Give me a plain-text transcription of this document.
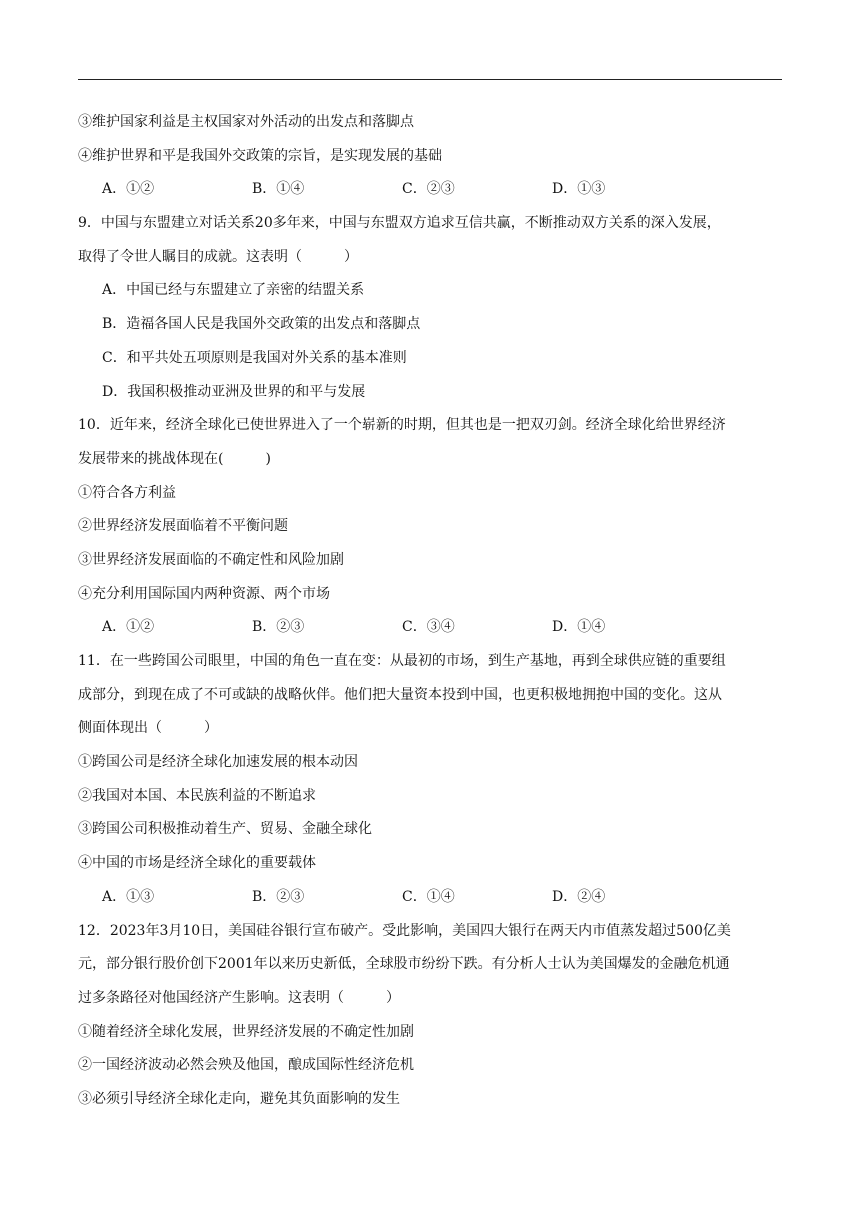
③维护国家利益是主权国家对外活动的出发点和落脚点
④维护世界和平是我国外交政策的宗旨，是实现发展的基础
A．①②	B．①④	C．②③	D．①③
9．中国与东盟建立对话关系20多年来，中国与东盟双方追求互信共赢，不断推动双方关系的深入发展，
取得了令世人瞩目的成就。这表明（　　　）
A．中国已经与东盟建立了亲密的结盟关系
B．造福各国人民是我国外交政策的出发点和落脚点
C．和平共处五项原则是我国对外关系的基本准则
D．我国积极推动亚洲及世界的和平与发展
10．近年来，经济全球化已使世界进入了一个崭新的时期，但其也是一把双刃剑。经济全球化给世界经济
发展带来的挑战体现在(　　　)
①符合各方利益
②世界经济发展面临着不平衡问题
③世界经济发展面临的不确定性和风险加剧
④充分利用国际国内两种资源、两个市场
A．①②	B．②③	C．③④	D．①④
11．在一些跨国公司眼里，中国的角色一直在变：从最初的市场，到生产基地，再到全球供应链的重要组
成部分，到现在成了不可或缺的战略伙伴。他们把大量资本投到中国，也更积极地拥抱中国的变化。这从
侧面体现出（　　　）
①跨国公司是经济全球化加速发展的根本动因
②我国对本国、本民族利益的不断追求
③跨国公司积极推动着生产、贸易、金融全球化
④中国的市场是经济全球化的重要载体
A．①③	B．②③	C．①④	D．②④
12．2023年3月10日，美国硅谷银行宣布破产。受此影响，美国四大银行在两天内市值蒸发超过500亿美
元，部分银行股价创下2001年以来历史新低，全球股市纷纷下跌。有分析人士认为美国爆发的金融危机通
过多条路径对他国经济产生影响。这表明（　　　）
①随着经济全球化发展，世界经济发展的不确定性加剧
②一国经济波动必然会殃及他国，酿成国际性经济危机
③必须引导经济全球化走向，避免其负面影响的发生
